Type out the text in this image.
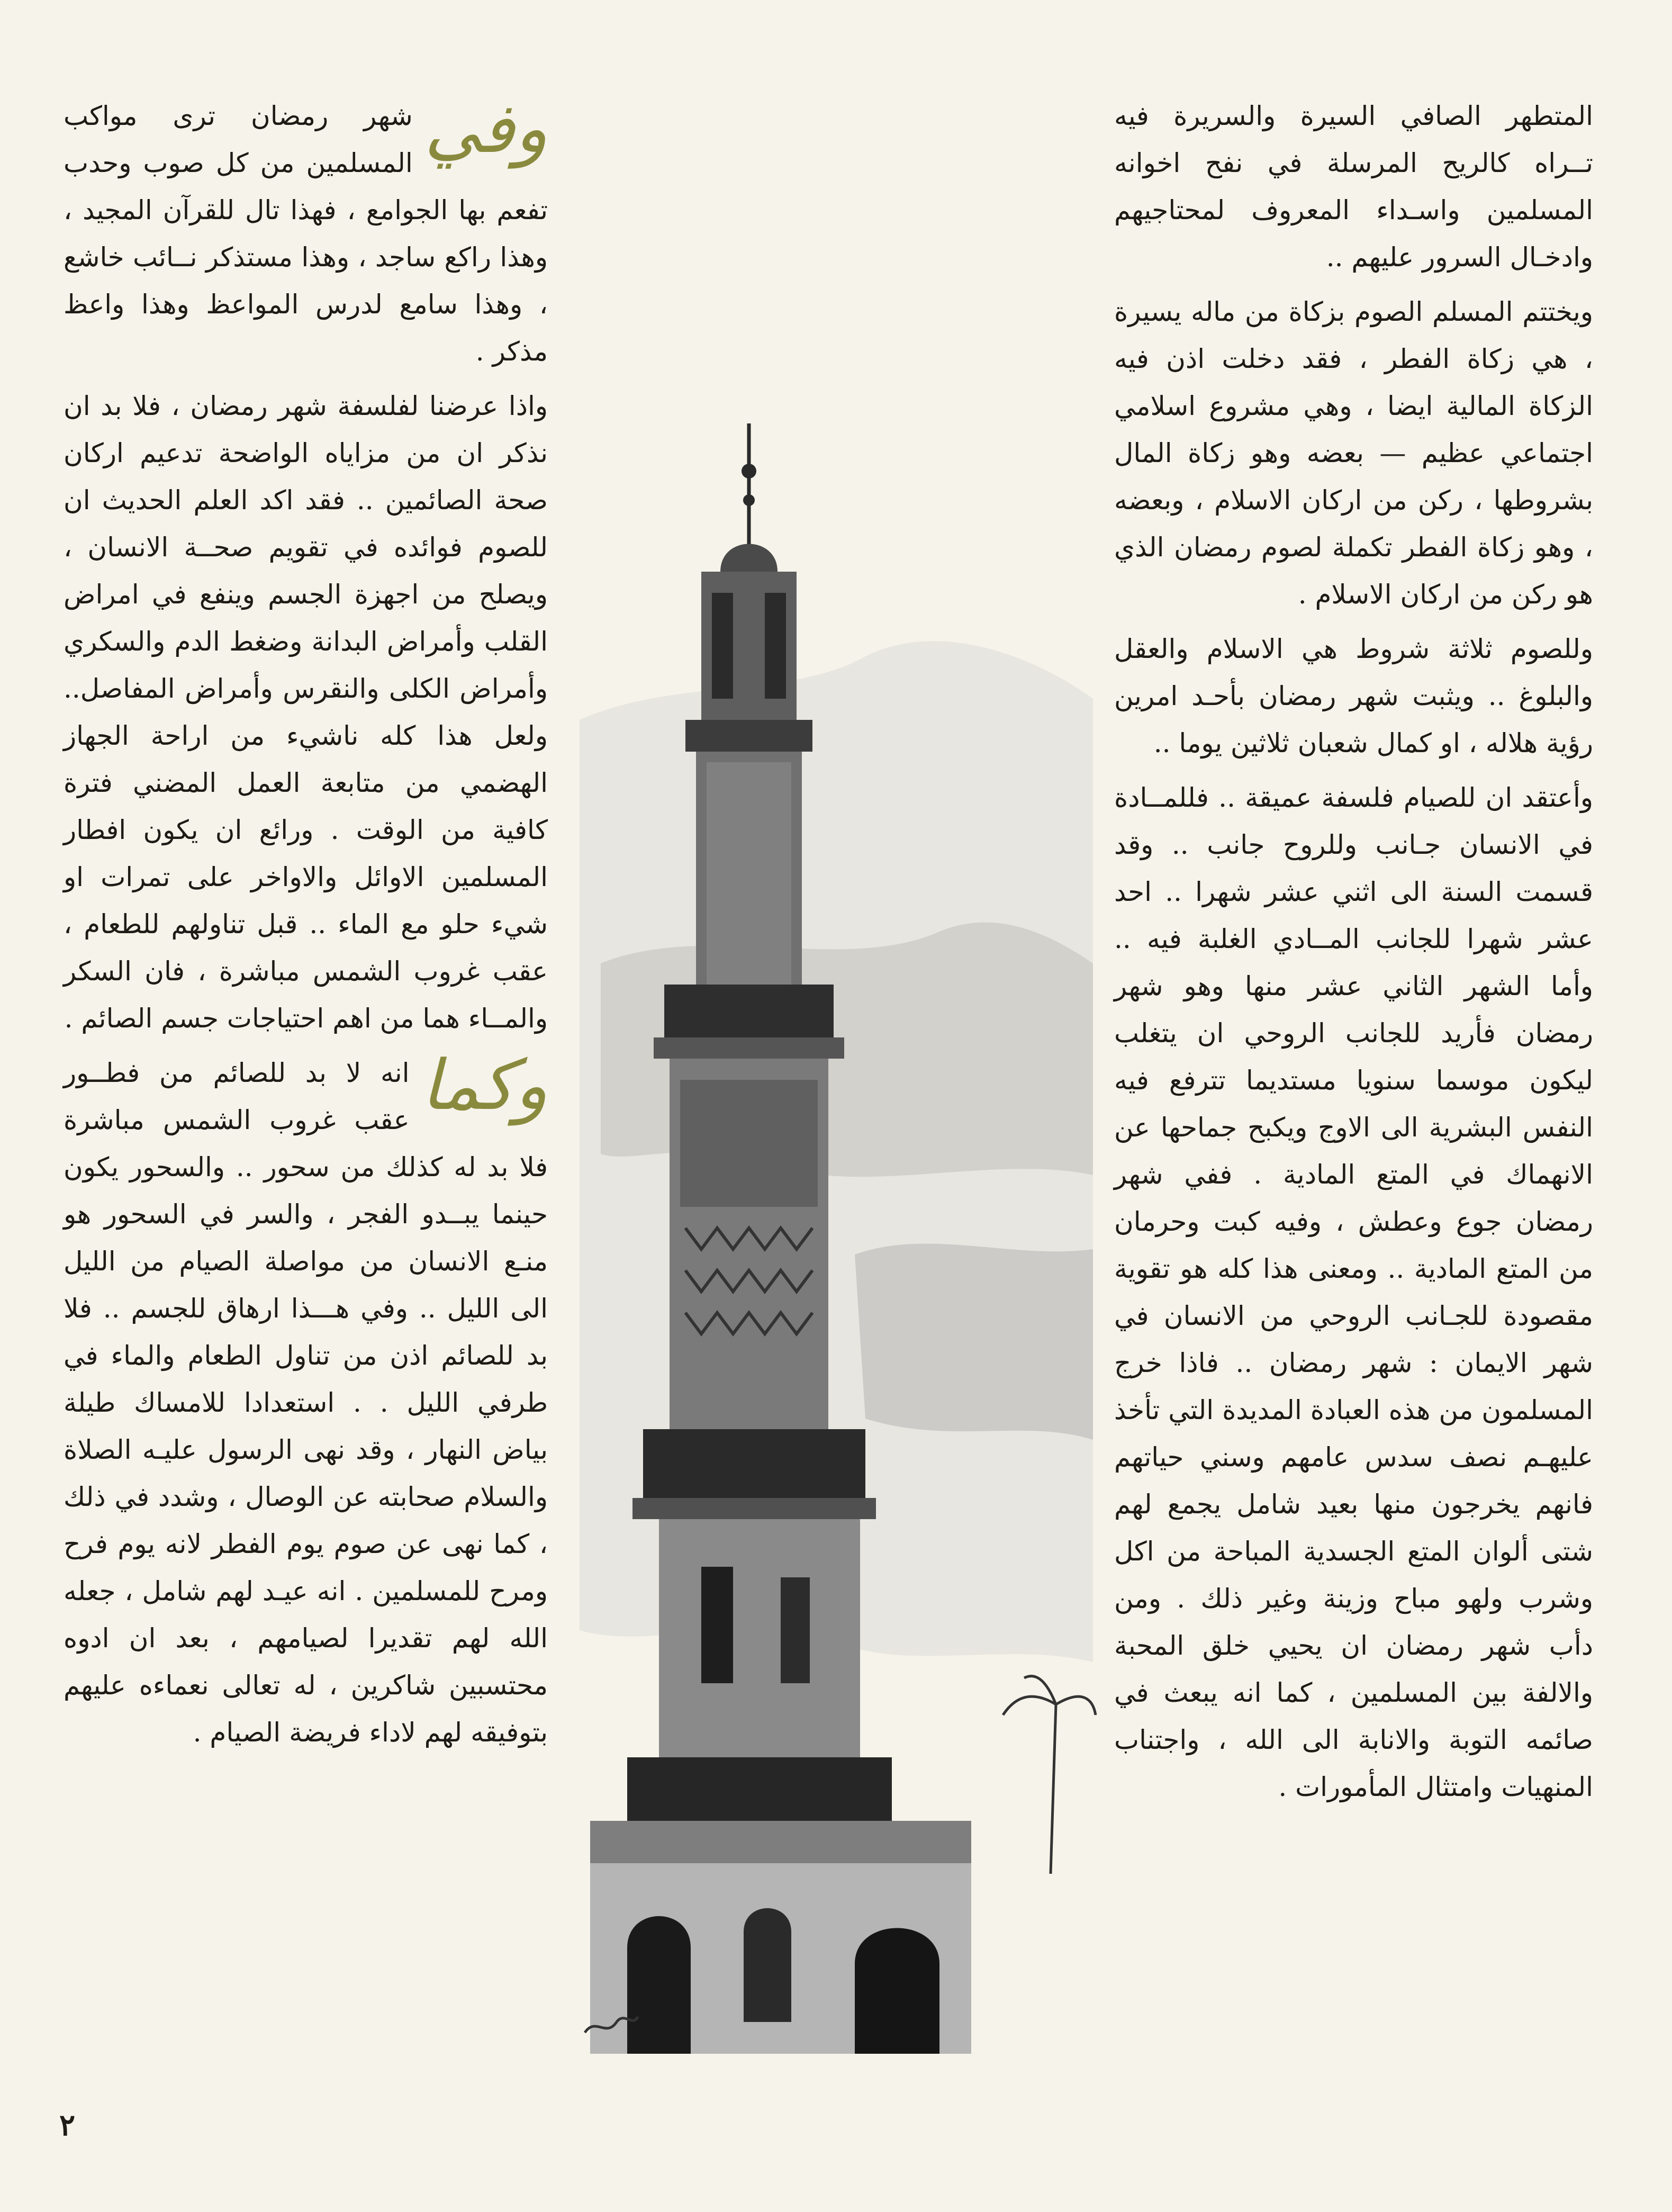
المتطهر الصافي السيرة والسريرة فيه تــراه كالريح المرسلة في نفح اخوانه المسلمين واسـداء المعروف لمحتاجيهم وادخـال السرور عليهم ..

ويختتم المسلم الصوم بزكاة من ماله يسيرة ، هي زكاة الفطر ، فقد دخلت اذن فيه الزكاة المالية ايضا ، وهي مشروع اسلامي اجتماعي عظيم — بعضه وهو زكاة المال بشروطها ، ركن من اركان الاسلام ، وبعضه ، وهو زكاة الفطر تكملة لصوم رمضان الذي هو ركن من اركان الاسلام .

وللصوم ثلاثة شروط هي الاسلام والعقل والبلوغ .. ويثبت شهر رمضان بأحـد امرين رؤية هلاله ، او كمال شعبان ثلاثين يوما ..

وأعتقد ان للصيام فلسفة عميقة .. فللمــادة في الانسان جـانب وللروح جانب .. وقد قسمت السنة الى اثني عشر شهرا .. احد عشر شهرا للجانب المــادي الغلبة فيه .. وأما الشهر الثاني عشر منها وهو شهر رمضان فأريد للجانب الروحي ان يتغلب ليكون موسما سنويا مستديما تترفع فيه النفس البشرية الى الاوج ويكبح جماحها عن الانهماك في المتع المادية . ففي شهر رمضان جوع وعطش ، وفيه كبت وحرمان من المتع المادية .. ومعنى هذا كله هو تقوية مقصودة للجـانب الروحي من الانسان في شهر الايمان : شهر رمضان .. فاذا خرج المسلمون من هذه العبادة المديدة التي تأخذ عليهـم نصف سدس عامهم وسني حياتهم فانهم يخرجون منها بعيد شامل يجمع لهم شتى ألوان المتع الجسدية المباحة من اكل وشرب ولهو مباح وزينة وغير ذلك . ومن دأب شهر رمضان ان يحيي خلق المحبة والالفة بين المسلمين ، كما انه يبعث في صائمه التوبة والانابة الى الله ، واجتناب المنهيات وامتثال المأمورات .

وفي
شهر رمضان ترى مواكب المسلمين من كل صوب وحدب تفعم بها الجوامع ، فهذا تال للقرآن المجيد ، وهذا راكع ساجد ، وهذا مستذكر نــائب خاشع ، وهذا سامع لدرس المواعظ وهذا واعظ مذكر .

واذا عرضنا لفلسفة شهر رمضان ، فلا بد ان نذكر ان من مزاياه الواضحة تدعيم اركان صحة الصائمين .. فقد اكد العلم الحديث ان للصوم فوائده في تقويم صحــة الانسان ، ويصلح من اجهزة الجسم وينفع في امراض القلب وأمراض البدانة وضغط الدم والسكري وأمراض الكلى والنقرس وأمراض المفاصل.. ولعل هذا كله ناشيء من اراحة الجهاز الهضمي من متابعة العمل المضني فترة كافية من الوقت . ورائع ان يكون افطار المسلمين الاوائل والاواخر على تمرات او شيء حلو مع الماء .. قبل تناولهم للطعام ، عقب غروب الشمس مباشرة ، فان السكر والمــاء هما من اهم احتياجات جسم الصائم .

وكما
انه لا بد للصائم من فطــور عقب غروب الشمس مباشرة فلا بد له كذلك من سحور .. والسحور يكون حينما يبــدو الفجر ، والسر في السحور هو منـع الانسان من مواصلة الصيام من الليل الى الليل .. وفي هـــذا ارهاق للجسم .. فلا بد للصائم اذن من تناول الطعام والماء في طرفي الليل . . استعدادا للامساك طيلة بياض النهار ، وقد نهى الرسول عليـه الصلاة والسلام صحابته عن الوصال ، وشدد في ذلك ، كما نهى عن صوم يوم الفطر لانه يوم فرح ومرح للمسلمين . انه عيـد لهم شامل ، جعله الله لهم تقديرا لصيامهم ، بعد ان ادوه محتسبين شاكرين ، له تعالى نعماءه عليهم بتوفيقه لهم لاداء فريضة الصيام .

٢
